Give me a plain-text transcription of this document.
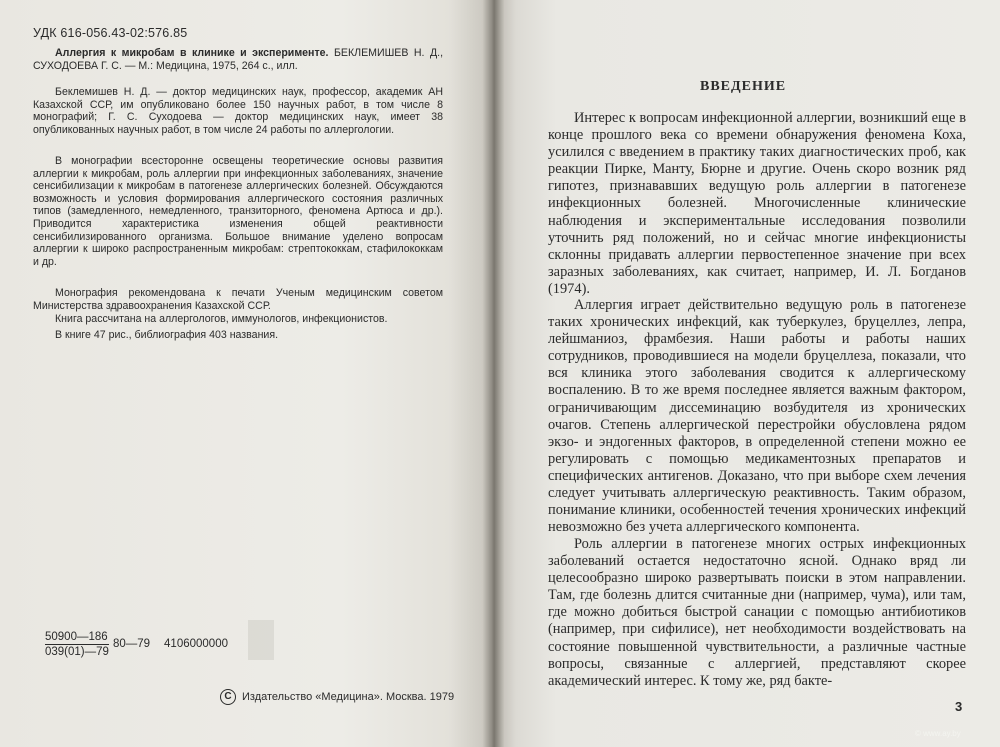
УДК 616-056.43-02:576.85

Аллергия к микробам в клинике и эксперименте. БЕКЛЕМИШЕВ Н. Д., СУХОДОЕВА Г. С. — М.: Медицина, 1975, 264 с., илл.

Беклемишев Н. Д. — доктор медицинских наук, профессор, академик АН Казахской ССР, им опубликовано более 150 научных работ, в том числе 8 монографий; Г. С. Суходоева — доктор медицинских наук, имеет 38 опубликованных научных работ, в том числе 24 работы по аллергологии.

В монографии всесторонне освещены теоретические основы развития аллергии к микробам, роль аллергии при инфекционных заболеваниях, значение сенсибилизации к микробам в патогенезе аллергических болезней. Обсуждаются возможность и условия формирования аллергического состояния различных типов (замедленного, немедленного, транзиторного, феномена Артюса и др.). Приводится характеристика изменения общей реактивности сенсибилизированного организма. Большое внимание уделено вопросам аллергии к широко распространенным микробам: стрептококкам, стафилококкам и др.

Монография рекомендована к печати Ученым медицинским советом Министерства здравоохранения Казахской ССР.

Книга рассчитана на аллергологов, иммунологов, инфекционистов.

В книге 47 рис., библиография 403 названия.

$\frac{50900—186}{039(01)—79}$ 80—79 4106000000
C Издательство «Медицина». Москва. 1979
ВВЕДЕНИЕ

Интерес к вопросам инфекционной аллергии, возникший еще в конце прошлого века со времени обнаружения феномена Коха, усилился с введением в практику таких диагностических проб, как реакции Пирке, Манту, Бюрне и другие. Очень скоро возник ряд гипотез, признававших ведущую роль аллергии в патогенезе инфекционных болезней. Многочисленные клинические наблюдения и экспериментальные исследования позволили уточнить ряд положений, но и сейчас многие инфекционисты склонны придавать аллергии первостепенное значение при всех заразных заболеваниях, как считает, например, И. Л. Богданов (1974).

Аллергия играет действительно ведущую роль в патогенезе таких хронических инфекций, как туберкулез, бруцеллез, лепра, лейшманиоз, фрамбезия. Наши работы и работы наших сотрудников, проводившиеся на модели бруцеллеза, показали, что вся клиника этого заболевания сводится к аллергическому воспалению. В то же время последнее является важным фактором, ограничивающим диссеминацию возбудителя из хронических очагов. Степень аллергической перестройки обусловлена рядом экзо- и эндогенных факторов, в определенной степени можно ее регулировать с помощью медикаментозных препаратов и специфических антигенов. Доказано, что при выборе схем лечения следует учитывать аллергическую реактивность. Таким образом, понимание клиники, особенностей течения хронических инфекций невозможно без учета аллергического компонента.

Роль аллергии в патогенезе многих острых инфекционных заболеваний остается недостаточно ясной. Однако вряд ли целесообразно широко развертывать поиски в этом направлении. Там, где болезнь длится считанные дни (например, чума), или там, где можно добиться быстрой санации с помощью антибиотиков (например, при сифилисе), нет необходимости воздействовать на состояние повышенной чувствительности, а различные частные вопросы, связанные с аллергией, представляют скорее академический интерес. К тому же, ряд бакте-

3
© www.ay.by
